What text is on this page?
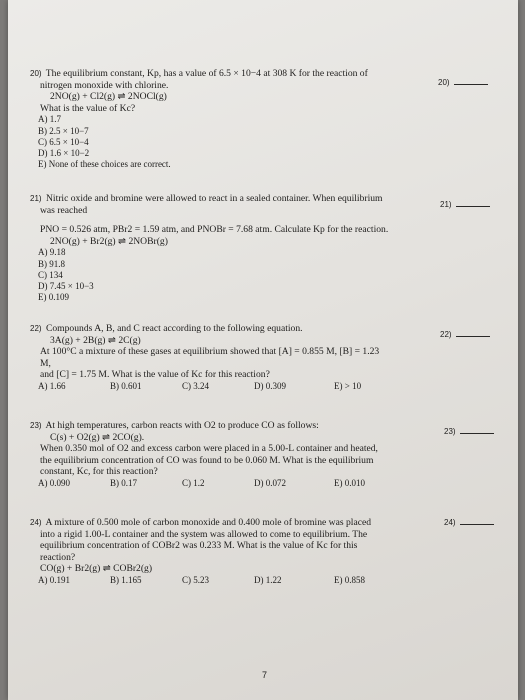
20) The equilibrium constant, Kp, has a value of 6.5 × 10−4 at 308 K for the reaction of
nitrogen monoxide with chlorine.
2NO(g) + Cl2(g) ⇌ 2NOCl(g)
What is the value of Kc?
A) 1.7
B) 2.5 × 10−7
C) 6.5 × 10−4
D) 1.6 × 10−2
E) None of these choices are correct.
20)
21) Nitric oxide and bromine were allowed to react in a sealed container. When equilibrium
was reached
PNO = 0.526 atm, PBr2 = 1.59 atm, and PNOBr = 7.68 atm. Calculate Kp for the reaction.
2NO(g) + Br2(g) ⇌ 2NOBr(g)
A) 9.18
B) 91.8
C) 134
D) 7.45 × 10−3
E) 0.109
21)
22) Compounds A, B, and C react according to the following equation.
3A(g) + 2B(g) ⇌ 2C(g)
At 100°C a mixture of these gases at equilibrium showed that [A] = 0.855 M, [B] = 1.23
M,
and [C] = 1.75 M. What is the value of Kc for this reaction?
A) 1.66	B) 0.601	C) 3.24	D) 0.309	E) > 10
22)
23) At high temperatures, carbon reacts with O2 to produce CO as follows:
C(s) + O2(g) ⇌ 2CO(g).
When 0.350 mol of O2 and excess carbon were placed in a 5.00-L container and heated,
the equilibrium concentration of CO was found to be 0.060 M. What is the equilibrium
constant, Kc, for this reaction?
A) 0.090	B) 0.17	C) 1.2	D) 0.072	E) 0.010
23)
24) A mixture of 0.500 mole of carbon monoxide and 0.400 mole of bromine was placed
into a rigid 1.00-L container and the system was allowed to come to equilibrium. The
equilibrium concentration of COBr2 was 0.233 M. What is the value of Kc for this
reaction?
CO(g) + Br2(g) ⇌ COBr2(g)
A) 0.191	B) 1.165	C) 5.23	D) 1.22	E) 0.858
24)
7
